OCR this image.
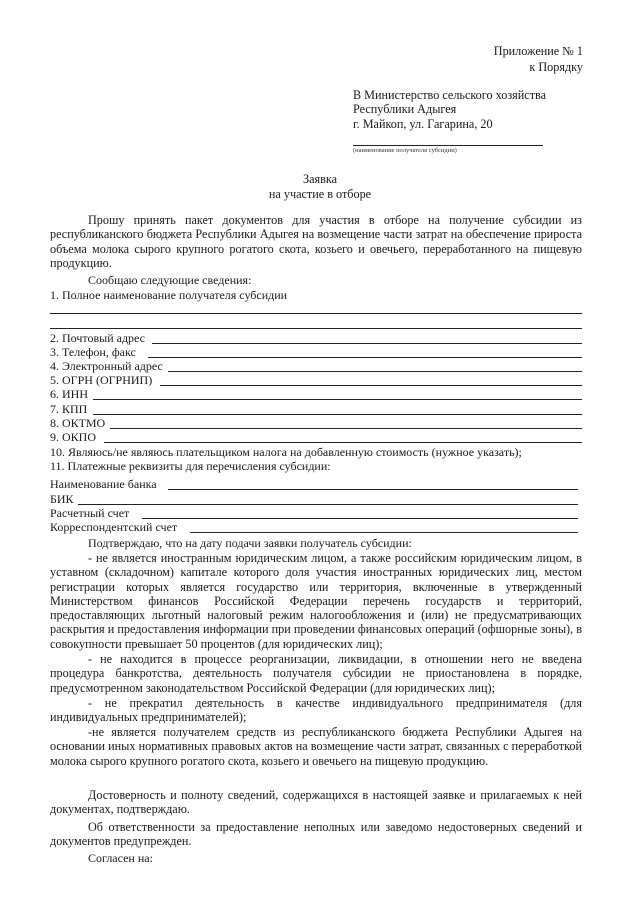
Приложение № 1
к Порядку
В Министерство сельского хозяйства
Республики Адыгея
г. Майкоп, ул. Гагарина, 20
(наименование получателя субсидии)
Заявка
на участие в отборе
Прошу принять пакет документов для участия в отборе на получение субсидии из республиканского бюджета Республики Адыгея на возмещение части затрат на обеспечение прироста объема молока сырого крупного рогатого скота, козьего и овечьего, переработанного на пищевую продукцию.
Сообщаю следующие сведения:
1. Полное наименование получателя субсидии
2. Почтовый адрес
3. Телефон, факс
4. Электронный адрес
5. ОГРН (ОГРНИП)
6. ИНН
7. КПП
8. ОКТМО
9. ОКПО
10. Являюсь/не являюсь плательщиком налога на добавленную стоимость (нужное указать);
11. Платежные реквизиты для перечисления субсидии:
Наименование банка
БИК
Расчетный счет
Корреспондентский счет
Подтверждаю, что на дату подачи заявки получатель субсидии:
- не является иностранным юридическим лицом, а также российским юридическим лицом, в уставном (складочном) капитале которого доля участия иностранных юридических лиц, местом регистрации которых является государство или территория, включенные в утвержденный Министерством финансов Российской Федерации перечень государств и территорий, предоставляющих льготный налоговый режим налогообложения и (или) не предусматривающих раскрытия и предоставления информации при проведении финансовых операций (офшорные зоны), в совокупности превышает 50 процентов (для юридических лиц);
- не находится в процессе реорганизации, ликвидации, в отношении него не введена процедура банкротства, деятельность получателя субсидии не приостановлена в порядке, предусмотренном законодательством Российской Федерации (для юридических лиц);
- не прекратил деятельность в качестве индивидуального предпринимателя (для индивидуальных предпринимателей);
-не является получателем средств из республиканского бюджета Республики Адыгея на основании иных нормативных правовых актов на возмещение части затрат, связанных с переработкой молока сырого крупного рогатого скота, козьего и овечьего на пищевую продукцию.
Достоверность и полноту сведений, содержащихся в настоящей заявке и прилагаемых к ней документах, подтверждаю.
Об ответственности за предоставление неполных или заведомо недостоверных сведений и документов предупрежден.
Согласен на:
